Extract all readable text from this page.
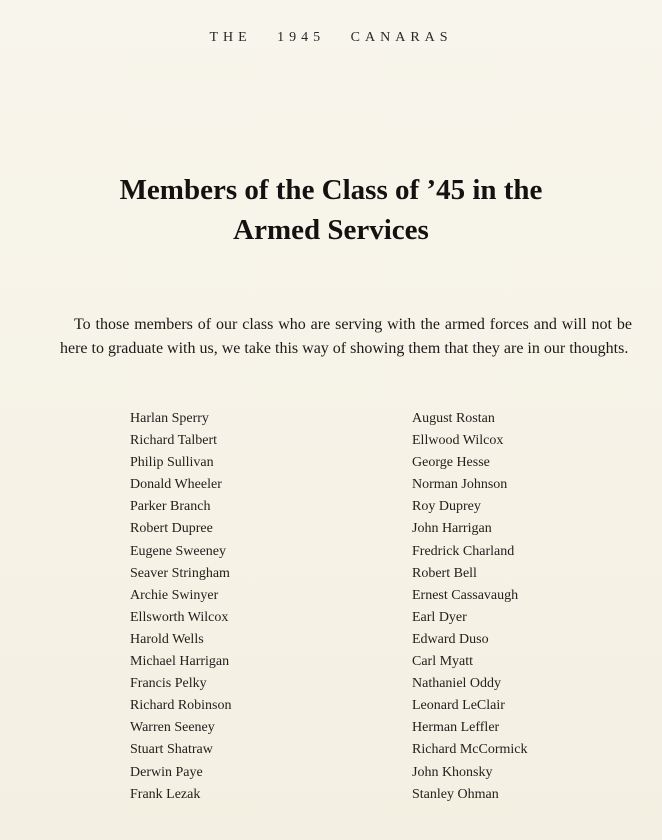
THE   1945   CANARAS
Members of the Class of ’45 in the
Armed Services

To those members of our class who are serving with the armed forces and will not be here to graduate with us, we take this way of showing them that they are in our thoughts.

Harlan Sperry
Richard Talbert
Philip Sullivan
Donald Wheeler
Parker Branch
Robert Dupree
Eugene Sweeney
Seaver Stringham
Archie Swinyer
Ellsworth Wilcox
Harold Wells
Michael Harrigan
Francis Pelky
Richard Robinson
Warren Seeney
Stuart Shatraw
Derwin Paye
Frank Lezak
August Rostan
Ellwood Wilcox
George Hesse
Norman Johnson
Roy Duprey
John Harrigan
Fredrick Charland
Robert Bell
Ernest Cassavaugh
Earl Dyer
Edward Duso
Carl Myatt
Nathaniel Oddy
Leonard LeClair
Herman Leffler
Richard McCormick
John Khonsky
Stanley Ohman
